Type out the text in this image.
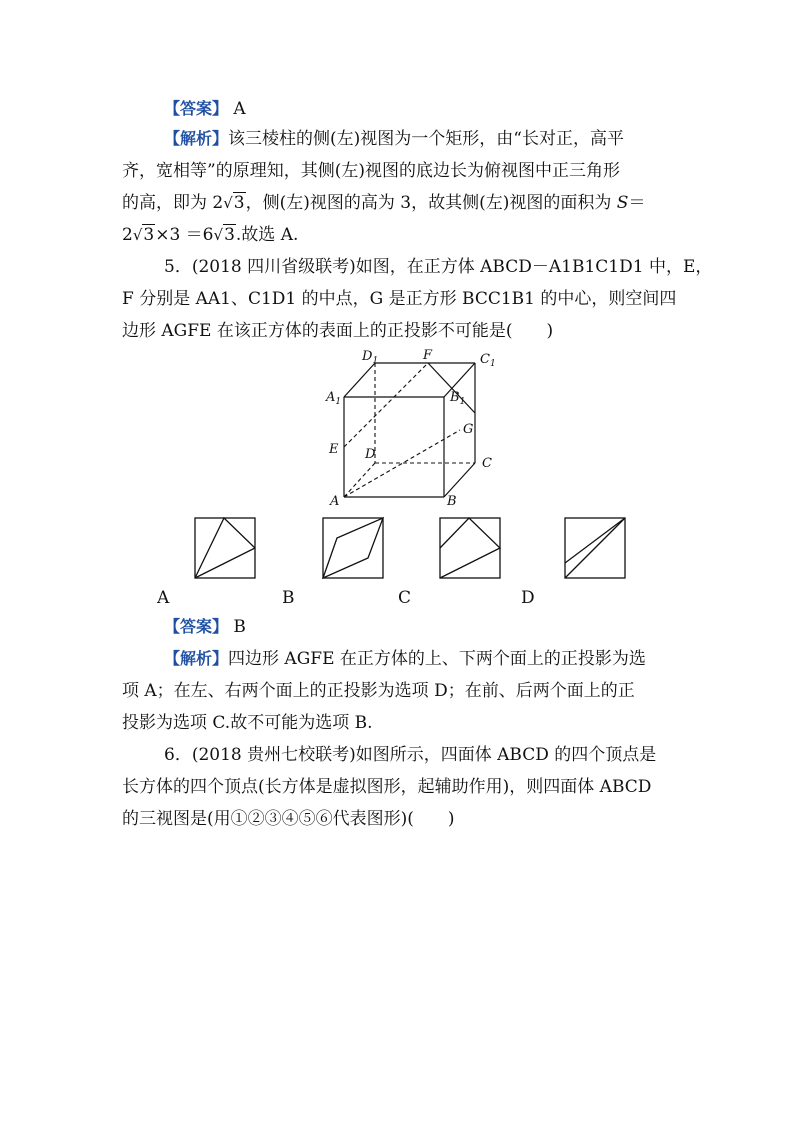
【答案】 A
【解析】该三棱柱的侧(左)视图为一个矩形，由“长对正，高平
齐，宽相等”的原理知，其侧(左)视图的底边长为俯视图中正三角形
的高，即为 2√3，侧(左)视图的高为 3，故其侧(左)视图的面积为 S＝
2√3×3 ＝6√3.故选 A.
5．(2018 四川省级联考)如图，在正方体 ABCD－A1B1C1D1 中，E，
F 分别是 AA1、C1D1 的中点，G 是正方形 BCC1B1 的中心，则空间四
边形 AGFE 在该正方体的表面上的正投影不可能是(　　)
$D_1$	F	$C_1$
$A_1$	$B_1$
G
E D
C
A	B
A	B	C	D
【答案】 B
【解析】四边形 AGFE 在正方体的上、下两个面上的正投影为选
项 A；在左、右两个面上的正投影为选项 D；在前、后两个面上的正
投影为选项 C.故不可能为选项 B.
6．(2018 贵州七校联考)如图所示，四面体 ABCD 的四个顶点是
长方体的四个顶点(长方体是虚拟图形，起辅助作用)，则四面体 ABCD
的三视图是(用①②③④⑤⑥代表图形)(　　)
